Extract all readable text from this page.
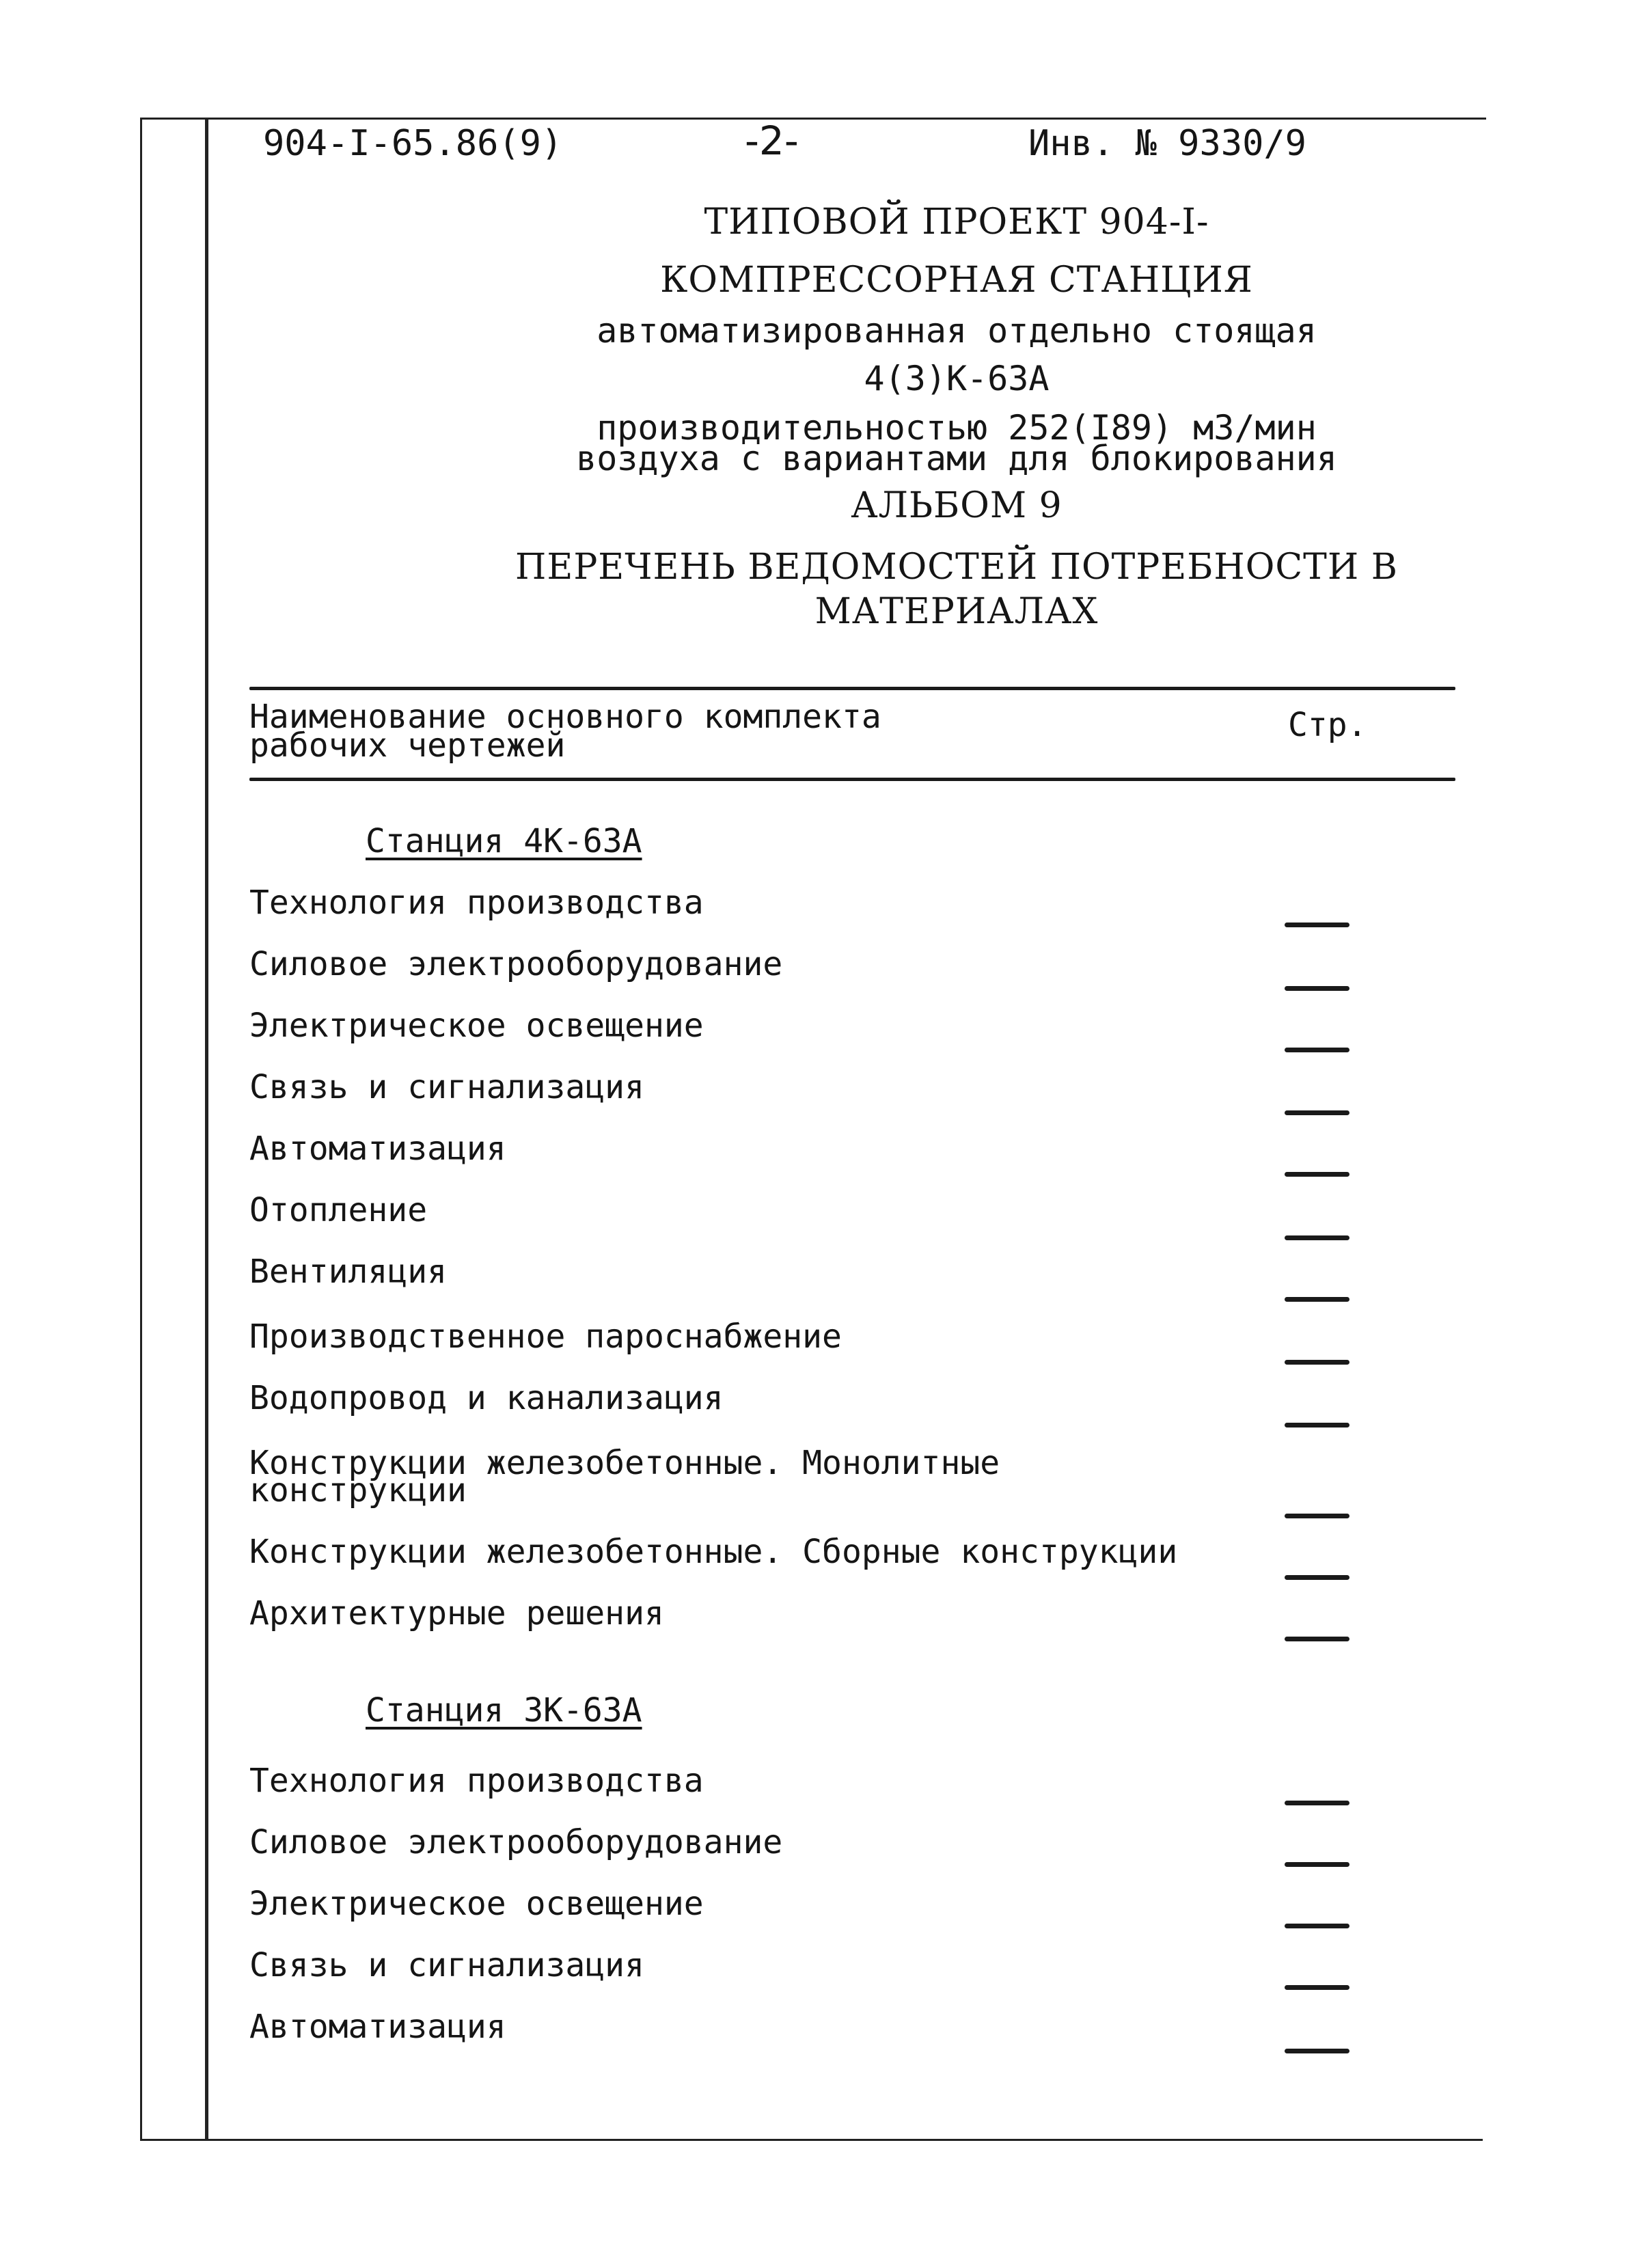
904-I-65.86(9)	-2-	Инв. № 9330/9
ТИПОВОЙ ПРОЕКТ 904-I-
КОМПРЕССОРНАЯ СТАНЦИЯ
автоматизированная отдельно стоящая
4(3)К-63А
производительностью 252(I89) м3/мин
воздуха с вариантами для блокирования
АЛЬБОМ 9
ПЕРЕЧЕНЬ ВЕДОМОСТЕЙ ПОТРЕБНОСТИ В
МАТЕРИАЛАХ
Наименование основного комплекта
рабочих чертежей
Стр.
Станция 4К-63А
Технология производства
Силовое электрооборудование
Электрическое освещение
Связь и сигнализация
Автоматизация
Отопление
Вентиляция
Производственное пароснабжение
Водопровод и канализация
Конструкции железобетонные. Монолитные
конструкции
Конструкции железобетонные. Сборные конструкции
Архитектурные решения
Станция 3К-63А
Технология производства
Силовое электрооборудование
Электрическое освещение
Связь и сигнализация
Автоматизация
